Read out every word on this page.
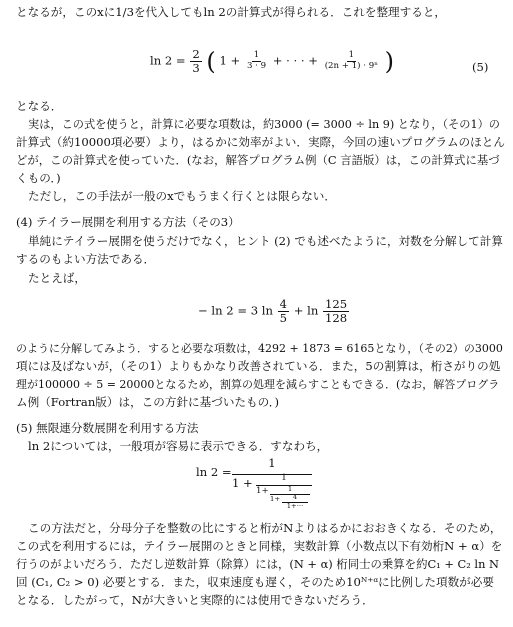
となるが，このxに1/3を代入してもln 2の計算式が得られる．これを整理すると，
$\ln 2 = \frac{2}{3}$ ( $1 + \frac{1}{3 \cdot 9}$ + · · · + $\frac{1}{\text{(2n + 1) · 9ⁿ}}$ )	(5)
となる．
実は，この式を使うと，計算に必要な項数は，約3000 (= 3000 ÷ ln 9) となり，（その1）の
計算式（約10000項必要）より，はるかに効率がよい．実際，今回の速いプログラムのほとん
どが，この計算式を使っていた．(なお，解答プログラム例（C 言語版）は，この計算式に基づ
くもの．)
ただし，この手法が一般のxでもうまく行くとは限らない．
(4) テイラー展開を利用する方法（その3）
単純にテイラー展開を使うだけでなく，ヒント (2) でも述べたように，対数を分解して計算
するのもよい方法である．
たとえば，
− ln 2 = 3 $\ln \frac{4}{5} + \ln \frac{125}{128}$
のように分解してみよう．すると必要な項数は，4292 + 1873 = 6165となり，（その2）の3000
項には及ばないが，（その1）よりもかなり改善されている．また，5の割算は，桁さがりの処
理が100000 ÷ 5 = 20000となるため，割算の処理を減らすこともできる．(なお，解答プログラ
ム例（Fortran版）は，この方針に基づいたもの．)
(5) 無限連分数展開を利用する方法
ln 2については，一般項が容易に表示できる．すなわち，
ln 2 =
1
1 +	1
1+	1
1+	4
1+···
この方法だと，分母分子を整数の比にすると桁がNよりはるかにおおきくなる．そのため，
この式を利用するには，テイラー展開のときと同様，実数計算（小数点以下有効桁N + α）を
行うのがよいだろう．ただし逆数計算（除算）には，(N + α) 桁同士の乗算を約C₁ + C₂ ln N
回 (C₁, C₂ > 0) 必要とする．また，収束速度も遅く，そのため10ᴺ⁺ᵅに比例した項数が必要
となる．したがって，Nが大きいと実際的には使用できないだろう．
